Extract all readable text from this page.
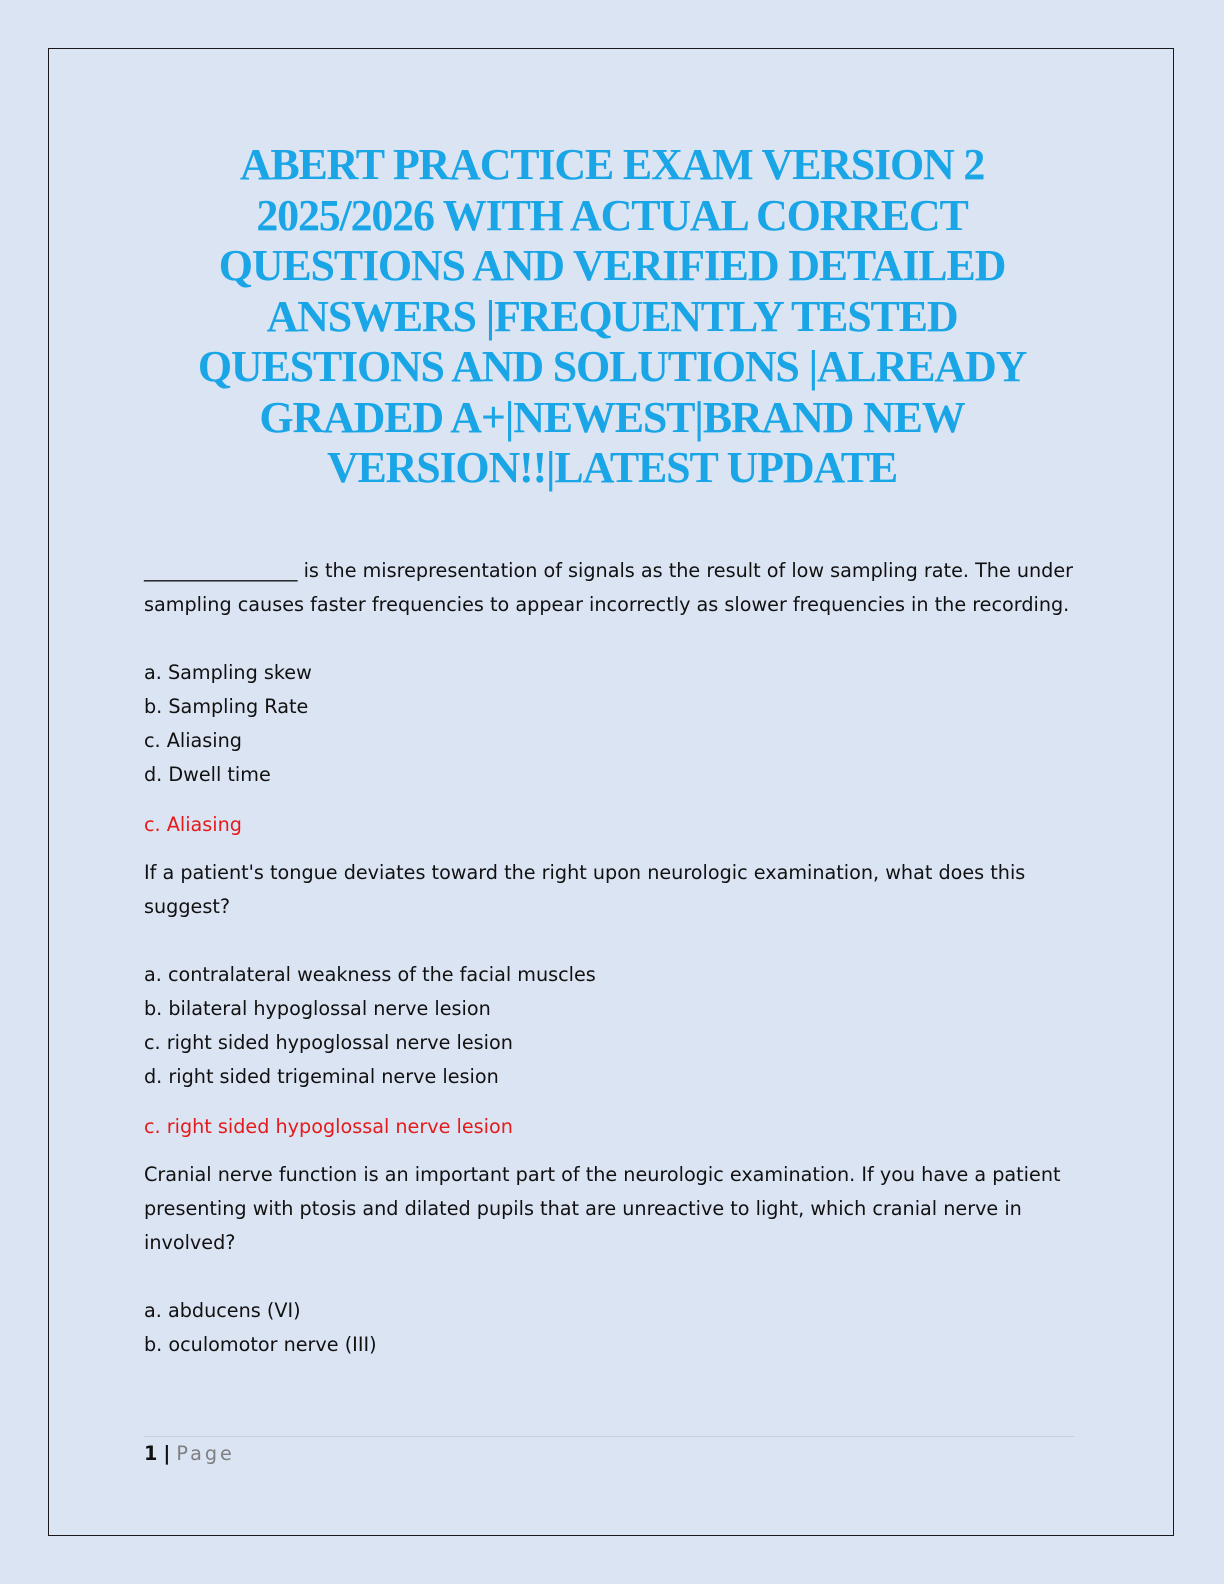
ABERT PRACTICE EXAM VERSION 2 2025/2026 WITH ACTUAL CORRECT QUESTIONS AND VERIFIED DETAILED ANSWERS |FREQUENTLY TESTED QUESTIONS AND SOLUTIONS |ALREADY GRADED A+|NEWEST|BRAND NEW VERSION!!|LATEST UPDATE

________________ is the misrepresentation of signals as the result of low sampling rate. The under sampling causes faster frequencies to appear incorrectly as slower frequencies in the recording.

a. Sampling skew

b. Sampling Rate

c. Aliasing

d. Dwell time

c. Aliasing

If a patient's tongue deviates toward the right upon neurologic examination, what does this suggest?

a. contralateral weakness of the facial muscles

b. bilateral hypoglossal nerve lesion

c. right sided hypoglossal nerve lesion

d. right sided trigeminal nerve lesion

c. right sided hypoglossal nerve lesion

Cranial nerve function is an important part of the neurologic examination. If you have a patient presenting with ptosis and dilated pupils that are unreactive to light, which cranial nerve in involved?

a. abducens (VI)

b. oculomotor nerve (III)

1 | Page
